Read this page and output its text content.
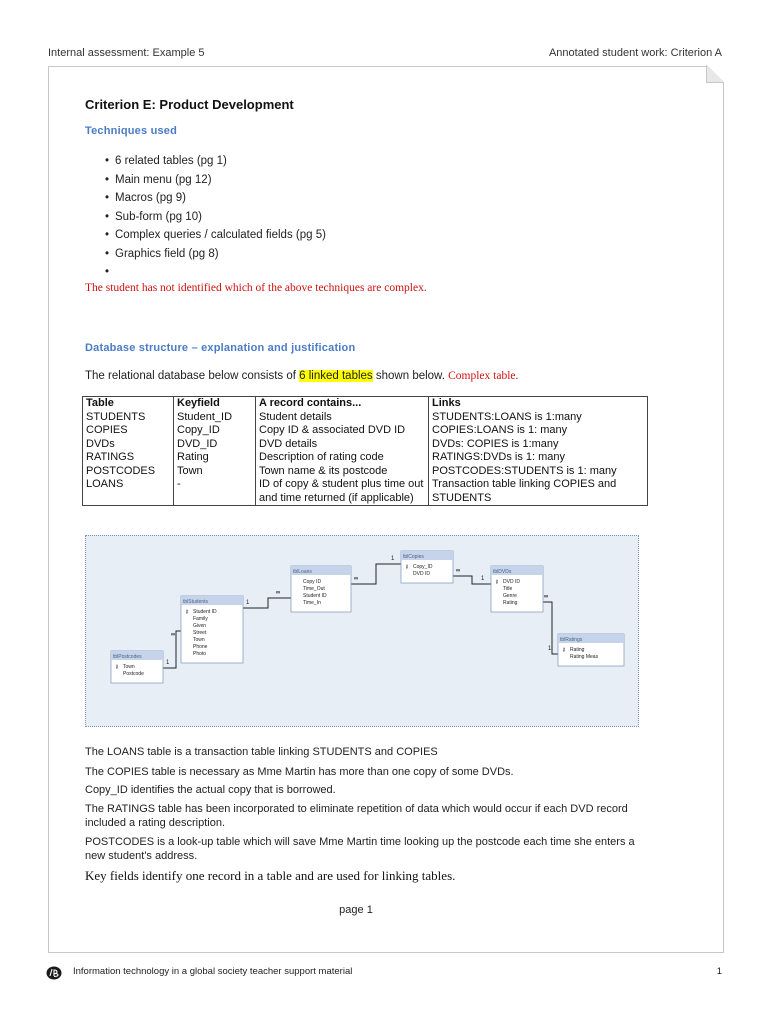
Internal assessment: Example 5	Annotated student work: Criterion A
Criterion E: Product Development
Techniques used
• 6 related tables (pg 1)
• Main menu (pg 12)
• Macros (pg 9)
• Sub-form (pg 10)
• Complex queries / calculated fields (pg 5)
• Graphics field (pg 8)
•
The student has not identified which of the above techniques are complex.
Database structure – explanation and justification
The relational database below consists of 6 linked tables shown below. Complex table.
Table	Keyfield	A record contains...	Links
STUDENTS	Student_ID	Student details	STUDENTS:LOANS is 1:many
COPIES	Copy_ID	Copy ID & associated DVD ID	COPIES:LOANS is 1: many
DVDs	DVD_ID	DVD details	DVDs: COPIES is 1:many
RATINGS	Rating	Description of rating code	RATINGS:DVDs is 1: many
POSTCODES	Town	Town name & its postcode	POSTCODES:STUDENTS is 1: many
LOANS	-	ID of copy & student plus time out and time returned (if applicable)	Transaction table linking COPIES and STUDENTS
1
∞
1
∞
1
∞	1
∞
1
∞
tblPostcodes
Town
⚷
Postcode
tblStudents
Student ID
⚷
Family
Given
Street
Town
Phone
Photo
tblLoans
Copy ID
Time_Out
Student ID
Time_In
tblCopies
Copy_ID
⚷
DVD ID	tblDVDs
DVD ID
⚷
Title
Genre
Rating
tblRatings
Rating
⚷
Rating Meas
The LOANS table is a transaction table linking STUDENTS and COPIES
The COPIES table is necessary as Mme Martin has more than one copy of some DVDs.
Copy_ID identifies the actual copy that is borrowed.
The RATINGS table has been incorporated to eliminate repetition of data which would occur if each DVD record included a rating description.
POSTCODES is a look-up table which will save Mme Martin time looking up the postcode each time she enters a new student's address.
Key fields identify one record in a table and are used for linking tables.
page 1
Information technology in a global society teacher support material	1
